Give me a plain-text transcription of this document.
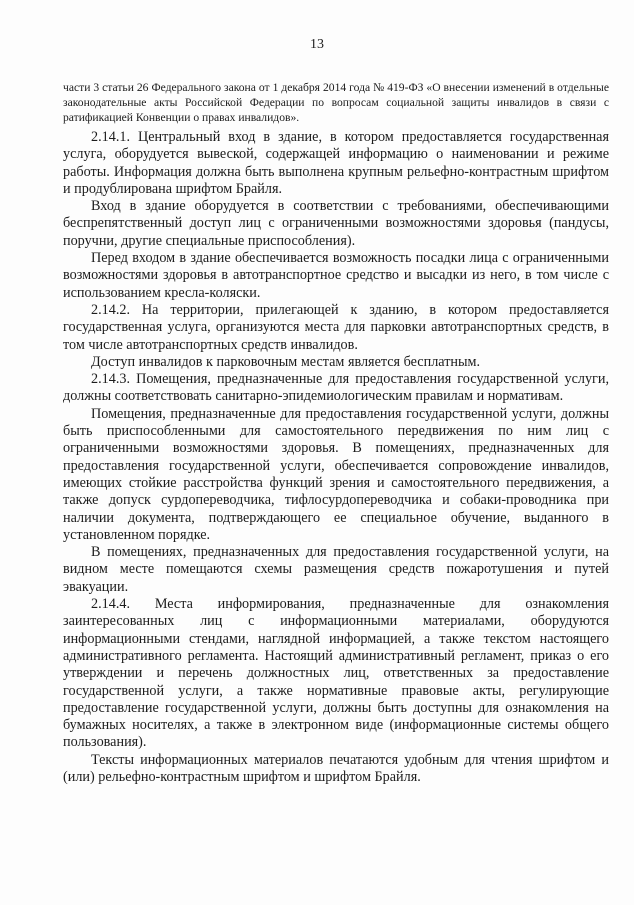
13

части 3 статьи 26 Федерального закона от 1 декабря 2014 года № 419-ФЗ «О внесении изменений в отдельные законодательные акты Российской Федерации по вопросам социальной защиты инвалидов в связи с ратификацией Конвенции о правах инвалидов».

2.14.1. Центральный вход в здание, в котором предоставляется государственная услуга, оборудуется вывеской, содержащей информацию о наименовании и режиме работы. Информация должна быть выполнена крупным рельефно-контрастным шрифтом и продублирована шрифтом Брайля.

Вход в здание оборудуется в соответствии с требованиями, обеспечивающими беспрепятственный доступ лиц с ограниченными возможностями здоровья (пандусы, поручни, другие специальные приспособления).

Перед входом в здание обеспечивается возможность посадки лица с ограниченными возможностями здоровья в автотранспортное средство и высадки из него, в том числе с использованием кресла-коляски.

2.14.2. На территории, прилегающей к зданию, в котором предоставляется государственная услуга, организуются места для парковки автотранспортных средств, в том числе автотранспортных средств инвалидов.

Доступ инвалидов к парковочным местам является бесплатным.

2.14.3. Помещения, предназначенные для предоставления государственной услуги, должны соответствовать санитарно-эпидемиологическим правилам и нормативам.

Помещения, предназначенные для предоставления государственной услуги, должны быть приспособленными для самостоятельного передвижения по ним лиц с ограниченными возможностями здоровья. В помещениях, предназначенных для предоставления государственной услуги, обеспечивается сопровождение инвалидов, имеющих стойкие расстройства функций зрения и самостоятельного передвижения, а также допуск сурдопереводчика, тифлосурдопереводчика и собаки-проводника при наличии документа, подтверждающего ее специальное обучение, выданного в установленном порядке.

В помещениях, предназначенных для предоставления государственной услуги, на видном месте помещаются схемы размещения средств пожаротушения и путей эвакуации.

2.14.4. Места информирования, предназначенные для ознакомления заинтересованных лиц с информационными материалами, оборудуются информационными стендами, наглядной информацией, а также текстом настоящего административного регламента. Настоящий административный регламент, приказ о его утверждении и перечень должностных лиц, ответственных за предоставление государственной услуги, а также нормативные правовые акты, регулирующие предоставление государственной услуги, должны быть доступны для ознакомления на бумажных носителях, а также в электронном виде (информационные системы общего пользования).

Тексты информационных материалов печатаются удобным для чтения шрифтом и (или) рельефно-контрастным шрифтом и шрифтом Брайля.
